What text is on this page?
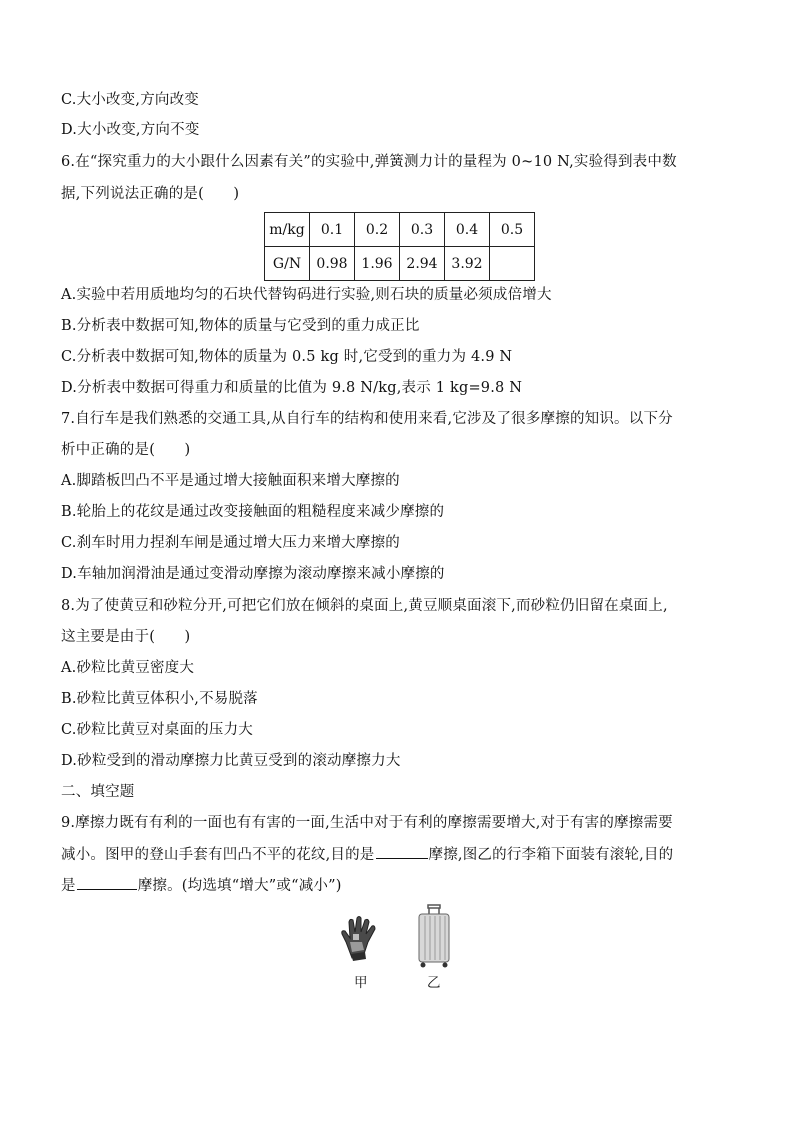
C.大小改变,方向改变
D.大小改变,方向不变
6.在“探究重力的大小跟什么因素有关”的实验中,弹簧测力计的量程为 0~10 N,实验得到表中数
据,下列说法正确的是(　　)
m/kg	0.1	0.2	0.3	0.4	0.5
G/N	0.98	1.96	2.94	3.92	
A.实验中若用质地均匀的石块代替钩码进行实验,则石块的质量必须成倍增大
B.分析表中数据可知,物体的质量与它受到的重力成正比
C.分析表中数据可知,物体的质量为 0.5 kg 时,它受到的重力为 4.9 N
D.分析表中数据可得重力和质量的比值为 9.8 N/kg,表示 1 kg=9.8 N
7.自行车是我们熟悉的交通工具,从自行车的结构和使用来看,它涉及了很多摩擦的知识。以下分
析中正确的是(　　)
A.脚踏板凹凸不平是通过增大接触面积来增大摩擦的
B.轮胎上的花纹是通过改变接触面的粗糙程度来减少摩擦的
C.刹车时用力捏刹车闸是通过增大压力来增大摩擦的
D.车轴加润滑油是通过变滑动摩擦为滚动摩擦来减小摩擦的
8.为了使黄豆和砂粒分开,可把它们放在倾斜的桌面上,黄豆顺桌面滚下,而砂粒仍旧留在桌面上,
这主要是由于(　　)
A.砂粒比黄豆密度大
B.砂粒比黄豆体积小,不易脱落
C.砂粒比黄豆对桌面的压力大
D.砂粒受到的滑动摩擦力比黄豆受到的滚动摩擦力大
二、填空题
9.摩擦力既有有利的一面也有有害的一面,生活中对于有利的摩擦需要增大,对于有害的摩擦需要
减小。图甲的登山手套有凹凸不平的花纹,目的是	摩擦,图乙的行李箱下面装有滚轮,目的
是	摩擦。(均选填“增大”或“减小”)
甲	乙
